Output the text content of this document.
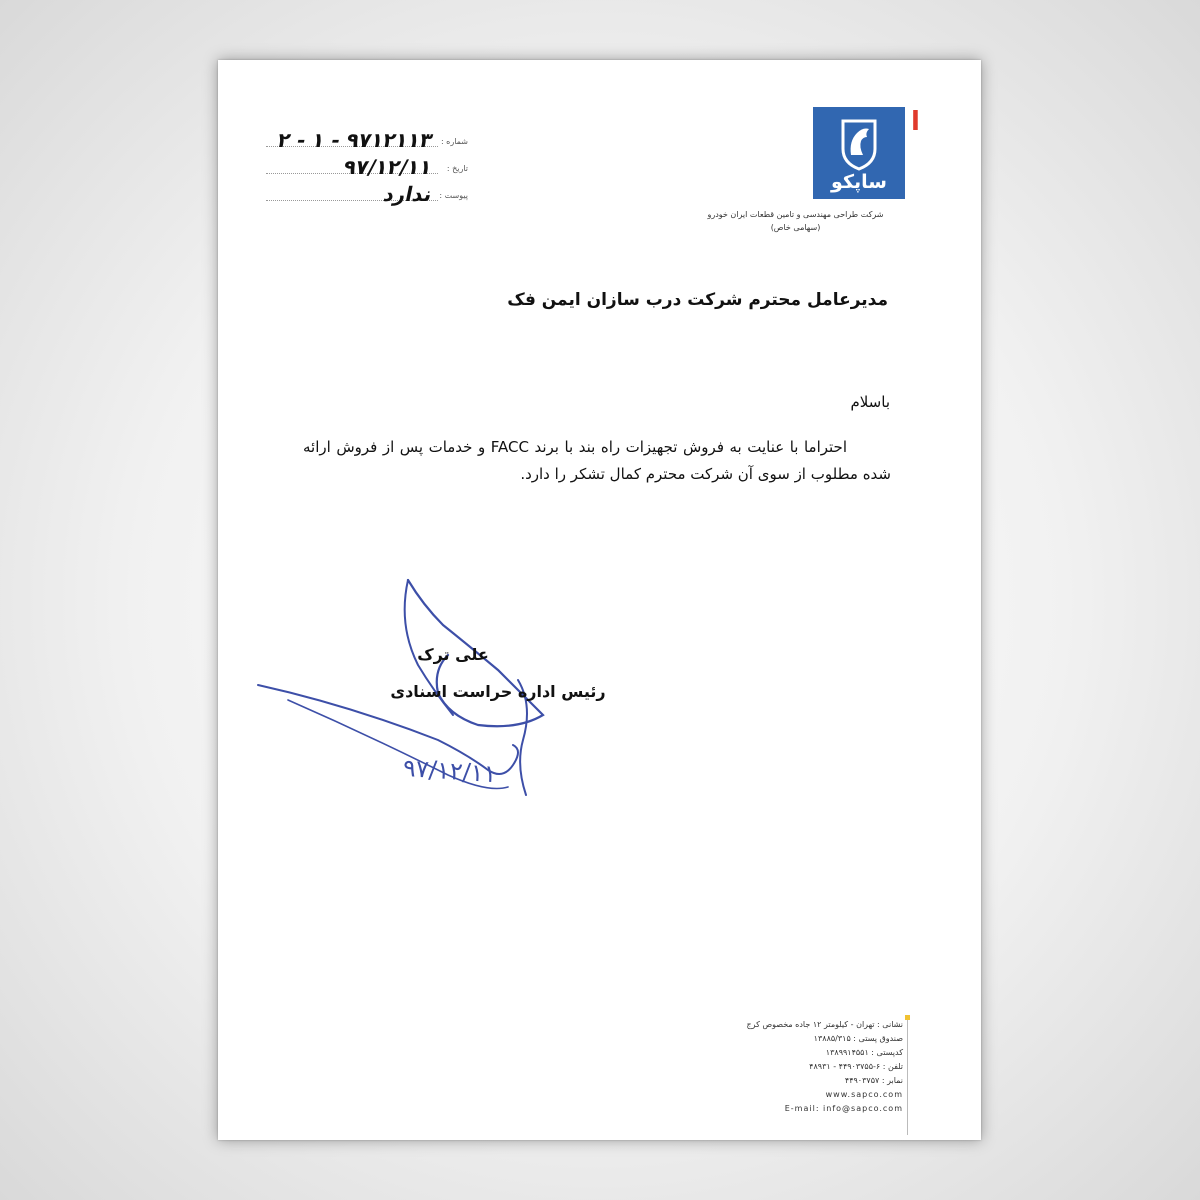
شماره :
۹۷۱۲۱۱۳ - ۱ - ۲
تاریخ :
۹۷/۱۲/۱۱
پیوست :
ندارد	ساپکو
ا
شرکت طراحی مهندسی و تامین قطعات ایران خودرو
(سهامی خاص)
مدیرعامل محترم شرکت درب سازان ایمن فک
باسلام
احتراما با عنایت به فروش تجهیزات راه بند با برند FACC و خدمات پس از فروش ارائه شده مطلوب از سوی آن شرکت محترم کمال تشکر را دارد.
علی ترک
رئیس اداره حراست اسنادی
۹۷/۱۲/۱۱
نشانی : تهران - کیلومتر ۱۲ جاده مخصوص کرج
صندوق پستی : ۱۳۸۸۵/۳۱۵
کدپستی : ۱۳۸۹۹۱۴۵۵۱
تلفن : ۶-۴۴۹۰۳۷۵۵ - ۴۸۹۳۱
نمابر : ۴۴۹۰۳۷۵۷
www.sapco.com
E-mail: info@sapco.com
